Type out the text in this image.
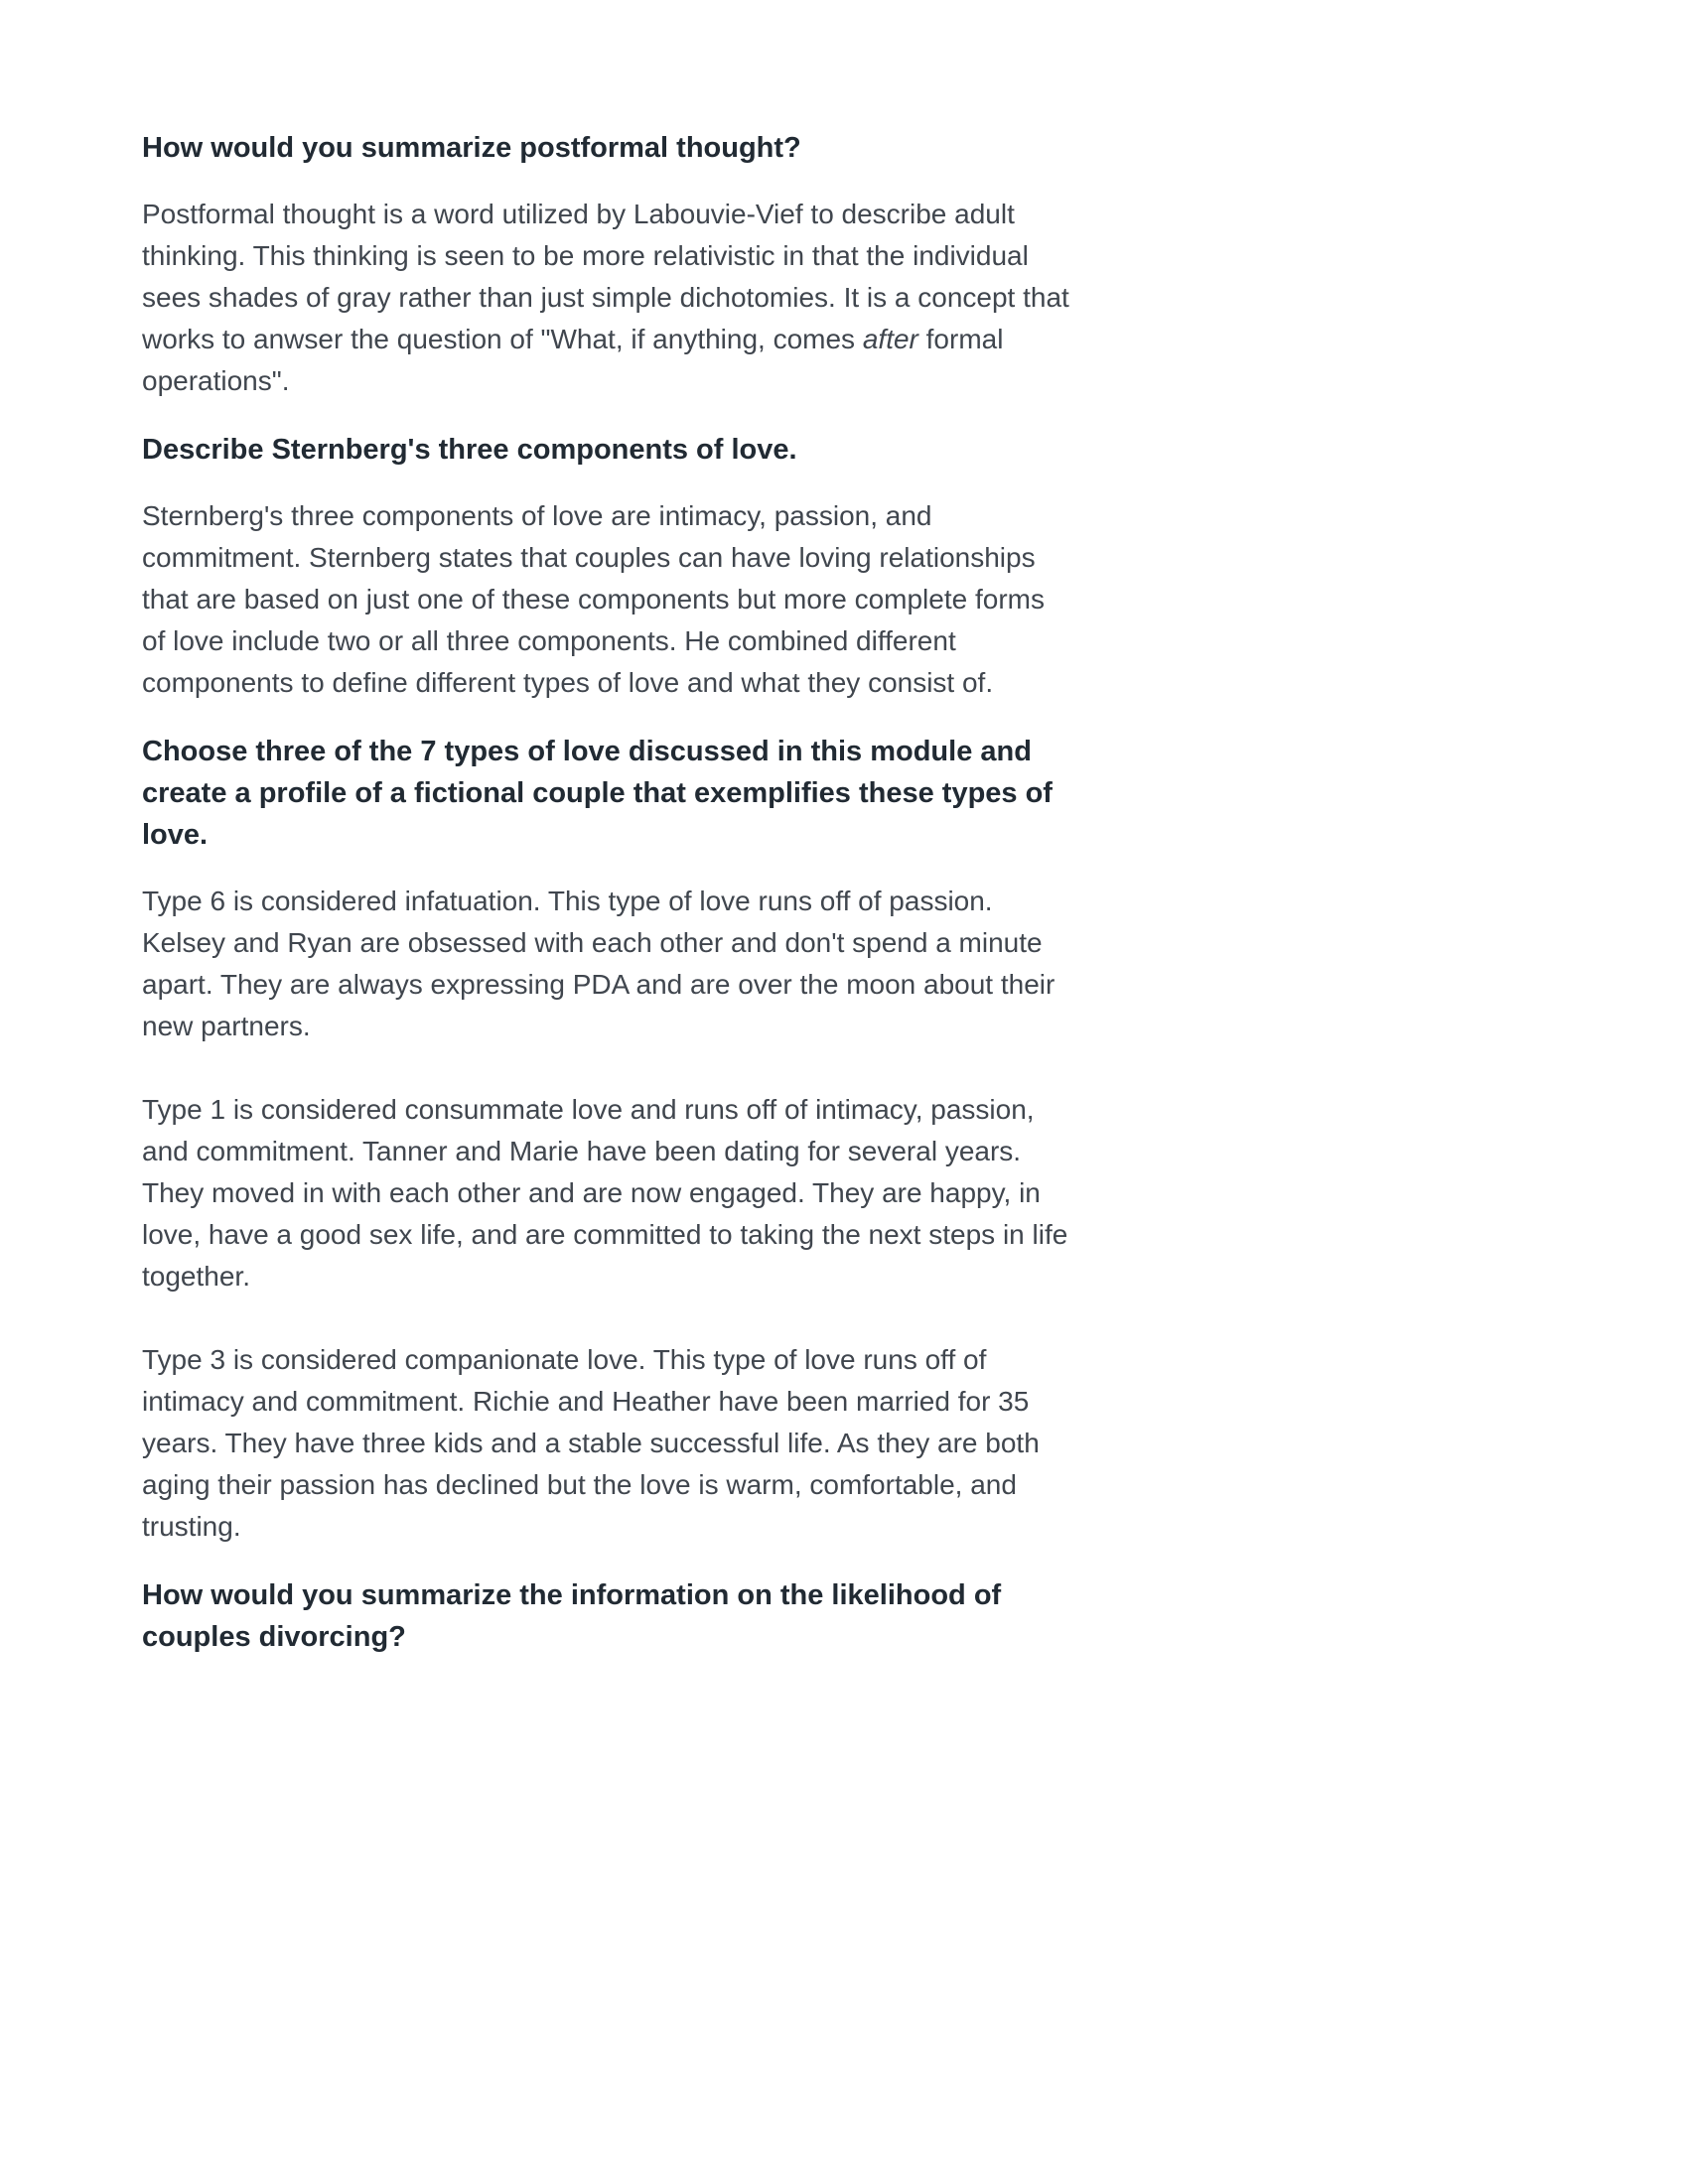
How would you summarize postformal thought?

Postformal thought is a word utilized by Labouvie-Vief to describe adult thinking. This thinking is seen to be more relativistic in that the individual sees shades of gray rather than just simple dichotomies. It is a concept that works to anwser the question of "What, if anything, comes after formal operations".

Describe Sternberg's three components of love.

Sternberg's three components of love are intimacy, passion, and commitment. Sternberg states that couples can have loving relationships that are based on just one of these components but more complete forms of love include two or all three components. He combined different components to define different types of love and what they consist of.

Choose three of the 7 types of love discussed in this module and create a profile of a fictional couple that exemplifies these types of love.

Type 6 is considered infatuation. This type of love runs off of passion. Kelsey and Ryan are obsessed with each other and don't spend a minute apart. They are always expressing PDA and are over the moon about their new partners.

Type 1 is considered consummate love and runs off of intimacy, passion, and commitment. Tanner and Marie have been dating for several years. They moved in with each other and are now engaged. They are happy, in love, have a good sex life, and are committed to taking the next steps in life together.

Type 3 is considered companionate love. This type of love runs off of intimacy and commitment. Richie and Heather have been married for 35 years. They have three kids and a stable successful life. As they are both aging their passion has declined but the love is warm, comfortable, and trusting.

How would you summarize the information on the likelihood of couples divorcing?
